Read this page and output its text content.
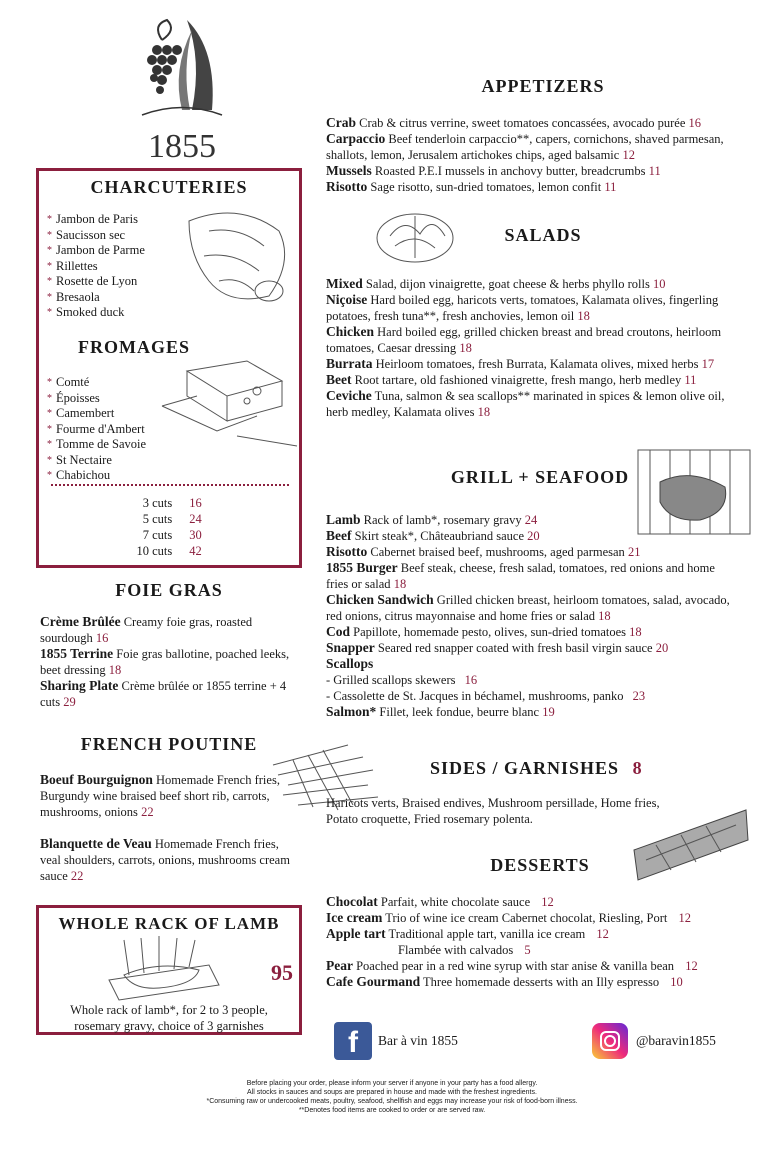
1855
CHARCUTERIES
* Jambon de Paris
* Saucisson sec
* Jambon de Parme
* Rillettes
* Rosette de Lyon
* Bresaola
* Smoked duck
FROMAGES
* Comté
* Époisses
* Camembert
* Fourme d'Ambert
* Tomme de Savoie
* St Nectaire
* Chabichou
3 cuts 16
5 cuts 24
7 cuts 30
10 cuts 42
FOIE GRAS
Crème Brûlée Creamy foie gras, roasted sourdough 16
1855 Terrine Foie gras ballotine, poached leeks, beet dressing 18
Sharing Plate Crème brûlée or 1855 terrine + 4 cuts 29
FRENCH POUTINE
Boeuf Bourguignon Homemade French fries, Burgundy wine braised beef short rib, carrots, mushrooms, onions 22
Blanquette de Veau Homemade French fries, veal shoulders, carrots, onions, mushrooms cream sauce 22
WHOLE RACK OF LAMB
95
Whole rack of lamb*, for 2 to 3 people,
rosemary gravy, choice of 3 garnishes
APPETIZERS
Crab Crab & citrus verrine, sweet tomatoes concassées, avocado purée 16
Carpaccio Beef tenderloin carpaccio**, capers, cornichons, shaved parmesan, shallots, lemon, Jerusalem artichokes chips, aged balsamic 12
Mussels Roasted P.E.I mussels in anchovy butter, breadcrumbs 11
Risotto Sage risotto, sun-dried tomatoes, lemon confit 11
SALADS
Mixed Salad, dijon vinaigrette, goat cheese & herbs phyllo rolls 10
Niçoise Hard boiled egg, haricots verts, tomatoes, Kalamata olives, fingerling potatoes, fresh tuna**, fresh anchovies, lemon oil 18
Chicken Hard boiled egg, grilled chicken breast and bread croutons, heirloom tomatoes, Caesar dressing 18
Burrata Heirloom tomatoes, fresh Burrata, Kalamata olives, mixed herbs 17
Beet Root tartare, old fashioned vinaigrette, fresh mango, herb medley 11
Ceviche Tuna, salmon & sea scallops** marinated in spices & lemon olive oil, herb medley, Kalamata olives 18
GRILL + SEAFOOD
Lamb Rack of lamb*, rosemary gravy 24
Beef Skirt steak*, Châteaubriand sauce 20
Risotto Cabernet braised beef, mushrooms, aged parmesan 21
1855 Burger Beef steak, cheese, fresh salad, tomatoes, red onions and home fries or salad 18
Chicken Sandwich Grilled chicken breast, heirloom tomatoes, salad, avocado, red onions, citrus mayonnaise and home fries or salad 18
Cod Papillote, homemade pesto, olives, sun-dried tomatoes 18
Snapper Seared red snapper coated with fresh basil virgin sauce 20
Scallops
- Grilled scallops skewers 16
- Cassolette de St. Jacques in béchamel, mushrooms, panko 23
Salmon* Fillet, leek fondue, beurre blanc 19
SIDES / GARNISHES 8
Haricots verts, Braised endives, Mushroom persillade, Home fries,
Potato croquette, Fried rosemary polenta.
DESSERTS
Chocolat Parfait, white chocolate sauce 12
Ice cream Trio of wine ice cream Cabernet chocolat, Riesling, Port 12
Apple tart Traditional apple tart, vanilla ice cream 12
Flambée with calvados 5
Pear Poached pear in a red wine syrup with star anise & vanilla bean 12
Cafe Gourmand Three homemade desserts with an Illy espresso 10
f	Bar à vin 1855	@baravin1855
Before placing your order, please inform your server if anyone in your party has a food allergy.
All stocks in sauces and soups are prepared in house and made with the freshest ingredients.
*Consuming raw or undercooked meats, poultry, seafood, shellfish and eggs may increase your risk of food-born illness.
**Denotes food items are cooked to order or are served raw.
